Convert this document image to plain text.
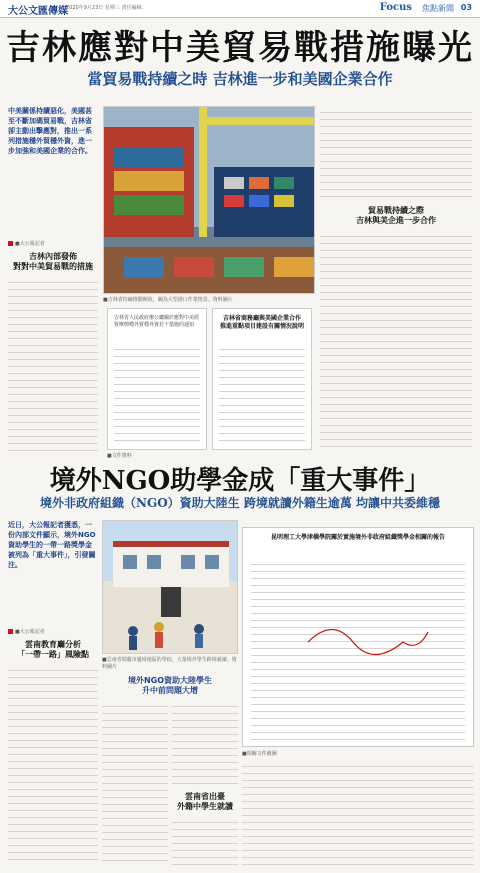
大公文匯傳媒
2020年9月23日 星期三 責任編輯：	Focus 焦點新聞 03
吉林應對中美貿易戰措施曝光
當貿易戰持續之時 吉林進一步和美國企業合作
中美關係持續惡化，美國甚至不斷加碼貿易戰，吉林省卻主動出擊應對，推出一系列措施穩外貿穩外資，進一步加強和美國企業的合作。
■大公報記者
吉林內部發佈
對對中美貿易戰的措施
■吉林省持續推動開放，圖為大型港口作業情景。資料圖片
吉林省人民政府辦公廳關於應對中美經貿摩擦穩外貿穩外資若干措施的通知
吉林省商務廳與美國企業合作
推進重點項目建設有關情況說明
■文件資料
貿易戰持續之際
吉林與美企進一步合作
境外NGO助學金成「重大事件」
境外非政府組織（NGO）資助大陸生 跨境就讀外籍生逾萬 均讓中共委維穩
近日，大公報記者獲悉，一份內部文件顯示，境外NGO資助學生的一帶一路獎學金被列為「重大事件」，引發關注。
■大公報記者
雲南教育廳分析
「一帶一路」風險點
■雲南省瑞麗市邊境地區的學校，大量境外學生跨境就讀。資料圖片
境外NGO資助大陸學生
升中前問題大增
雲南省出臺
外籍中學生就讀
昆明理工大學津橋學院關於實施境外非政府組織獎學金相關的報告
■相關文件截圖
